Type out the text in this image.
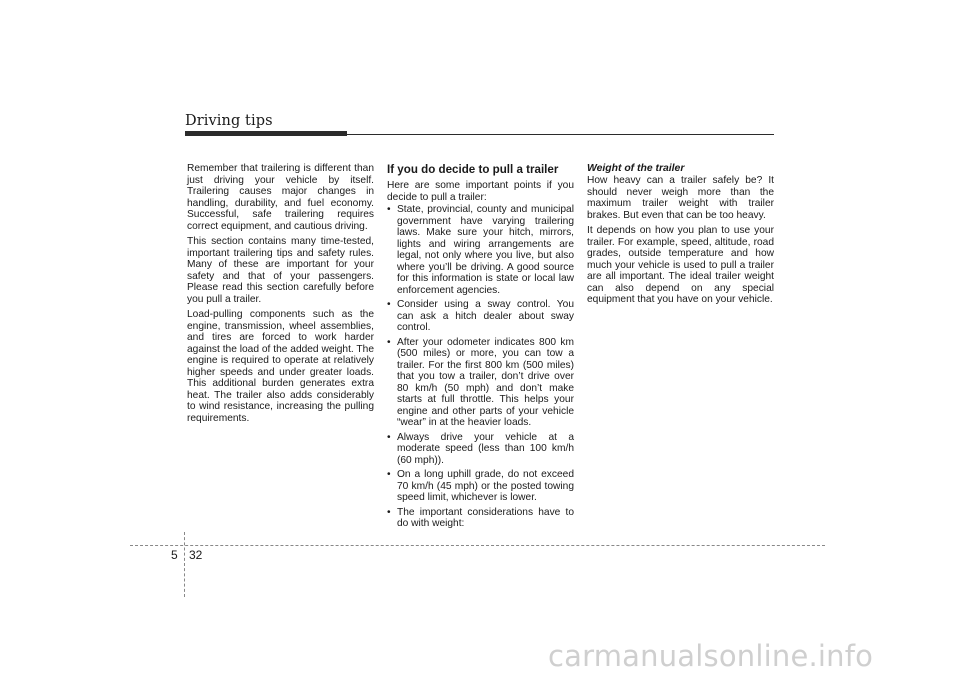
Driving tips

Remember that trailering is different than just driving your vehicle by itself. Trailering causes major changes in handling, durability, and fuel economy. Successful, safe trailering requires correct equipment, and cautious driving.

This section contains many time-tested, important trailering tips and safety rules. Many of these are important for your safety and that of your passengers. Please read this section carefully before you pull a trailer.

Load-pulling components such as the engine, transmission, wheel assemblies, and tires are forced to work harder against the load of the added weight. The engine is required to operate at relatively higher speeds and under greater loads. This additional burden generates extra heat. The trailer also adds considerably to wind resistance, increasing the pulling requirements.

If you do decide to pull a trailer

Here are some important points if you decide to pull a trailer:

• State, provincial, county and municipal government have varying trailering laws. Make sure your hitch, mirrors, lights and wiring arrangements are legal, not only where you live, but also where you’ll be driving. A good source for this information is state or local law enforcement agencies.
• Consider using a sway control. You can ask a hitch dealer about sway control.
• After your odometer indicates 800 km (500 miles) or more, you can tow a trailer. For the first 800 km (500 miles) that you tow a trailer, don’t drive over 80 km/h (50 mph) and don’t make starts at full throttle. This helps your engine and other parts of your vehicle “wear” in at the heavier loads.
• Always drive your vehicle at a moderate speed (less than 100 km/h (60 mph)).
• On a long uphill grade, do not exceed 70 km/h (45 mph) or the posted towing speed limit, whichever is lower.
• The important considerations have to do with weight:
Weight of the trailer

How heavy can a trailer safely be? It should never weigh more than the maximum trailer weight with trailer brakes. But even that can be too heavy.

It depends on how you plan to use your trailer. For example, speed, altitude, road grades, outside temperature and how much your vehicle is used to pull a trailer are all important. The ideal trailer weight can also depend on any special equipment that you have on your vehicle.

5 32
carmanualsonline.info
